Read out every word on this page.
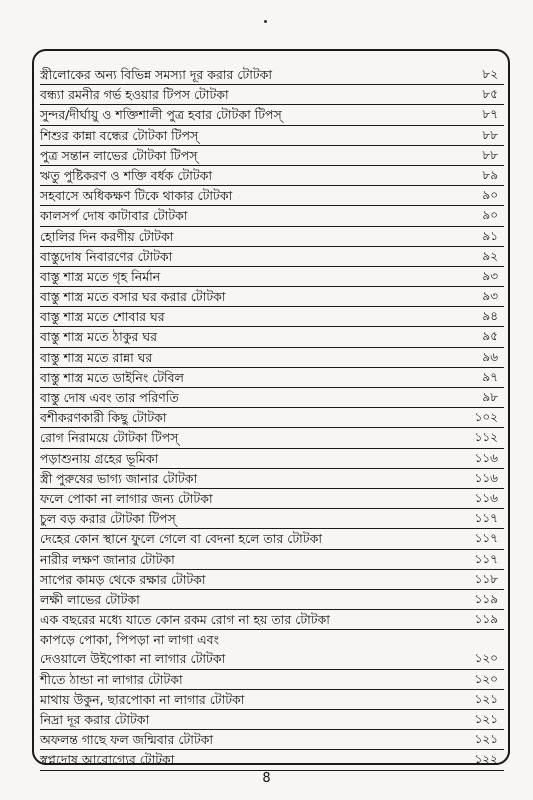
স্ত্রীলোকের অন্য বিভিন্ন সমস্যা দূর করার টোটকা	৮২
বন্ধ্যা রমনীর গর্ভ হওয়ার টিপস টোটকা	৮৫
সুন্দর/দীর্ঘায়ু ও শক্তিশালী পুত্র হবার টোটকা টিপস্	৮৭
শিশুর কান্না বন্ধের টোটকা টিপস্	৮৮
পুত্র সন্তান লাভের টোটকা টিপস্	৮৮
ঋতু পুষ্টিকরণ ও শক্তি বর্ধক টোটকা	৮৯
সহবাসে অধিকক্ষণ টিকে থাকার টোটকা	৯০
কালসর্প দোষ কাটাবার টোটকা	৯০
হোলির দিন করণীয় টোটকা	৯১
বাস্তুদোষ নিবারণের টোটকা	৯২
বাস্তু শাস্ত্র মতে গৃহ নির্মান	৯৩
বাস্তু শাস্ত্র মতে বসার ঘর করার টোটকা	৯৩
বাস্তু শাস্ত্র মতে শোবার ঘর	৯৪
বাস্তু শাস্ত্র মতে ঠাকুর ঘর	৯৫
বাস্তু শাস্ত্র মতে রান্না ঘর	৯৬
বাস্তু শাস্ত্র মতে ডাইনিং টেবিল	৯৭
বাস্তু দোষ এবং তার পরিণতি	৯৮
বশীকরণকারী কিছু টোটকা	১০২
রোগ নিরাময়ে টোটকা টিপস্	১১২
পড়াশুনায় গ্রহের ভূমিকা	১১৬
স্ত্রী পুরুষের ভাগ্য জানার টোটকা	১১৬
ফলে পোকা না লাগার জন্য টোটকা	১১৬
চুল বড় করার টোটকা টিপস্	১১৭
দেহের কোন স্থানে ফুলে গেলে বা বেদনা হলে তার টোটকা	১১৭
নারীর লক্ষণ জানার টোটকা	১১৭
সাপের কামড় থেকে রক্ষার টোটকা	১১৮
লক্ষী লাভের টোটকা	১১৯
এক বছরের মধ্যে যাতে কোন রকম রোগ না হয় তার টোটকা	১১৯
কাপড়ে পোকা, পিপড়া না লাগা এবং
দেওয়ালে উইপোকা না লাগার টোটকা	১২০
শীতে ঠান্ডা না লাগার টোটকা	১২০
মাথায় উকুন, ছারপোকা না লাগার টোটকা	১২১
নিদ্রা দূর করার টোটকা	১২১
অফলন্ত গাছে ফল জন্মিবার টোটকা	১২১
স্বপ্নদোষ আরোগ্যের টোটকা	১২২
8
